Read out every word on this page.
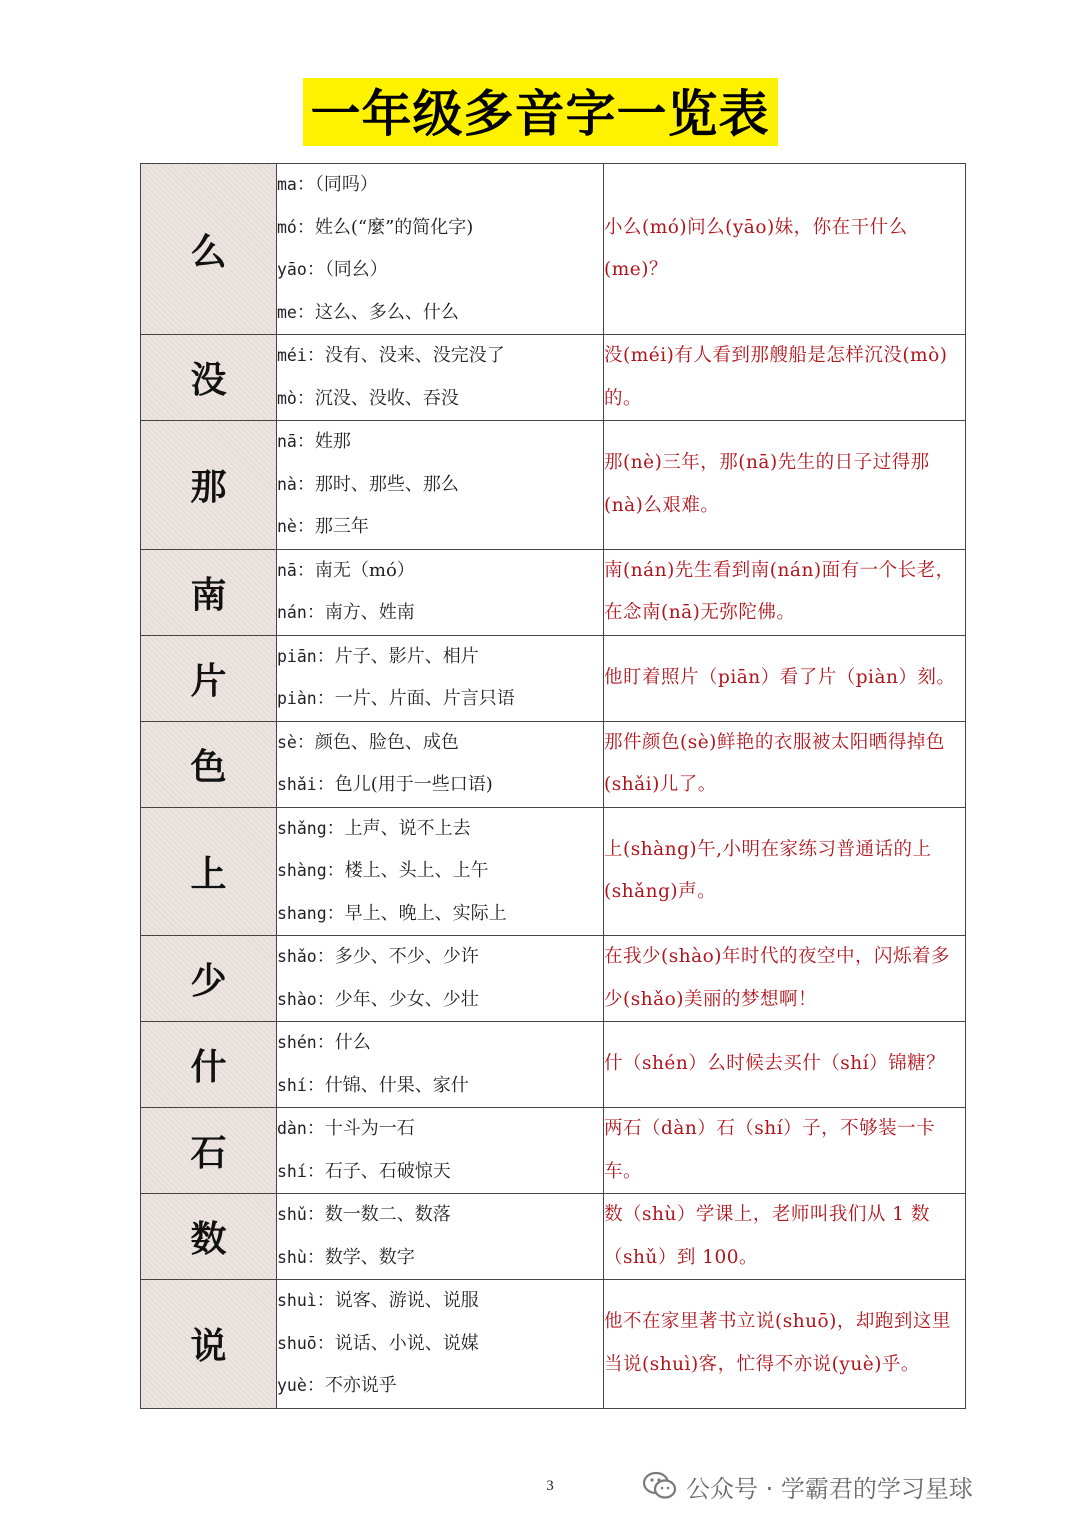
一年级多音字一览表
么	ma：（同吗）
mó：姓么(“麼”的简化字)
yāo：（同幺）
me：这么、多么、什么	小么(mó)问么(yāo)妹，你在干什么(me)？

没	méi：没有、没来、没完没了
mò：沉没、没收、吞没	没(méi)有人看到那艘船是怎样沉没(mò)的。

那	nā：姓那
nà：那时、那些、那么
nè：那三年	那(nè)三年，那(nā)先生的日子过得那(nà)么艰难。

南	nā：南无（mó）
nán：南方、姓南	南(nán)先生看到南(nán)面有一个长老，在念南(nā)无弥陀佛。

片	piān：片子、影片、相片
piàn：一片、片面、片言只语	他盯着照片（piān）看了片（piàn）刻。

色	sè：颜色、脸色、成色
shǎi：色儿(用于一些口语)	那件颜色(sè)鲜艳的衣服被太阳晒得掉色(shǎi)儿了。

上	shǎng：上声、说不上去
shàng：楼上、头上、上午
shang：早上、晚上、实际上	上(shàng)午,小明在家练习普通话的上(shǎng)声。

少	shǎo：多少、不少、少许
shào：少年、少女、少壮	在我少(shào)年时代的夜空中，闪烁着多少(shǎo)美丽的梦想啊！

什	shén：什么
shí：什锦、什果、家什	什（shén）么时候去买什（shí）锦糖？

石	dàn：十斗为一石
shí：石子、石破惊天	两石（dàn）石（shí）子，不够装一卡车。

数	shǔ：数一数二、数落
shù：数学、数字	数（shù）学课上，老师叫我们从 1 数（shǔ）到 100。

说	shuì：说客、游说、说服
shuō：说话、小说、说媒
yuè：不亦说乎	他不在家里著书立说(shuō)，却跑到这里当说(shuì)客，忙得不亦说(yuè)乎。
3	公众号 · 学霸君的学习星球
